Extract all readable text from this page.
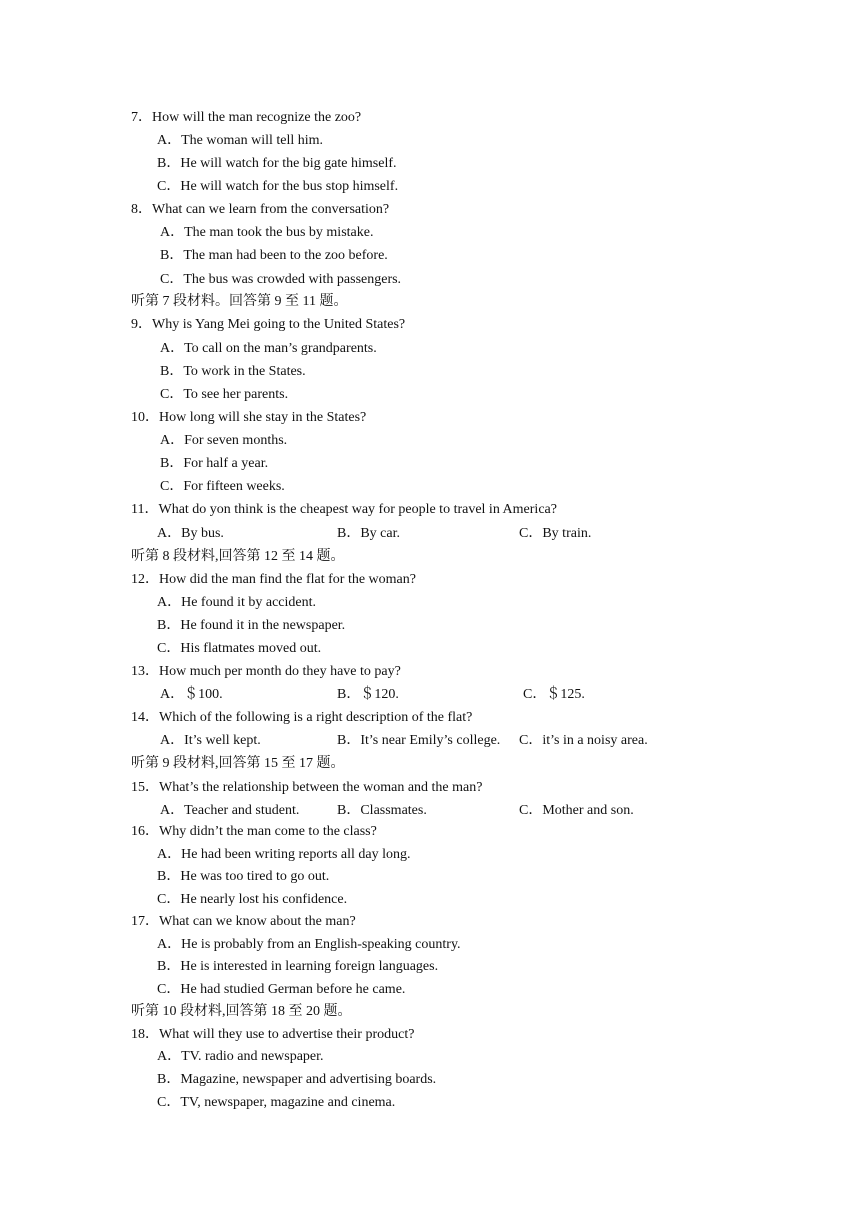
7．How will the man recognize the zoo?
A．The woman will tell him.
B．He will watch for the big gate himself.
C．He will watch for the bus stop himself.
8．What can we learn from the conversation?
A．The man took the bus by mistake.
B．The man had been to the zoo before.
C．The bus was crowded with passengers.
听第 7 段材料。回答第 9 至 11 题。
9．Why is Yang Mei going to the United States?
A．To call on the man’s grandparents.
B．To work in the States.
C．To see her parents.
10．How long will she stay in the States?
A．For seven months.
B．For half a year.
C．For fifteen weeks.
11．What do yon think is the cheapest way for people to travel in America?
A．By bus.	B．By car.	C．By train.
听第 8 段材料,回答第 12 至 14 题。
12．How did the man find the flat for the woman?
A．He found it by accident.
B．He found it in the newspaper.
C．His flatmates moved out.
13．How much per month do they have to pay?
A．＄100.	B．＄120.	C．＄125.
14．Which of the following is a right description of the flat?
A．It’s well kept.	B．It’s near Emily’s college. C．it’s in a noisy area.
听第 9 段材料,回答第 15 至 17 题。
15．What’s the relationship between the woman and the man?
A．Teacher and student.	B．Classmates.	C．Mother and son.
16．Why didn’t the man come to the class?
A．He had been writing reports all day long.
B．He was too tired to go out.
C．He nearly lost his confidence.
17．What can we know about the man?
A．He is probably from an English-speaking country.
B．He is interested in learning foreign languages.
C．He had studied German before he came.
听第 10 段材料,回答第 18 至 20 题。
18．What will they use to advertise their product?
A．TV. radio and newspaper.
B．Magazine, newspaper and advertising boards.
C．TV, newspaper, magazine and cinema.
